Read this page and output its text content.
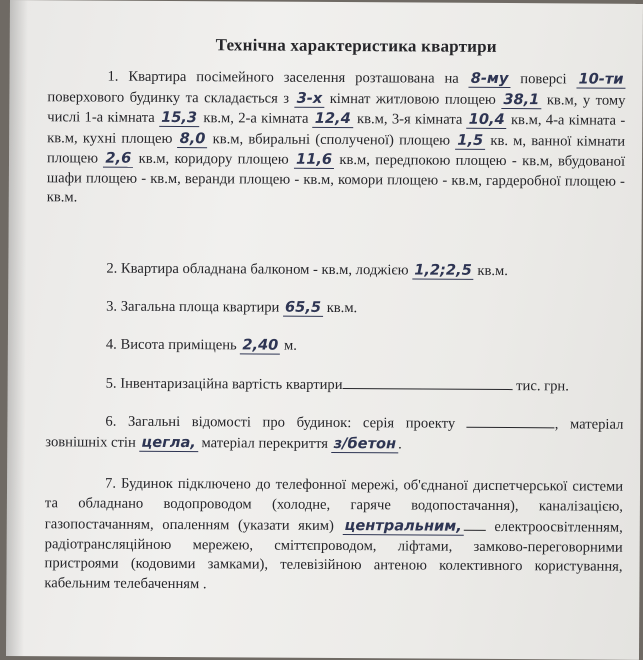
Технічна характеристика квартири
1. Квартира посімейного заселення розташована на 8-му поверсі 10-ти поверхового будинку та складається з 3-х кімнат житловою площею 38,1 кв.м, у тому числі 1-а кімната 15,3 кв.м, 2-а кімната 12,4 кв.м, 3-я кімната 10,4 кв.м, 4-а кімната - кв.м, кухні площею 8,0 кв.м, вбиральні (сполученої) площею 1,5 кв. м, ванної кімнати площею 2,6 кв.м, коридору площею 11,6 кв.м, передпокою площею - кв.м, вбудованої шафи площею - кв.м, веранди площею - кв.м, комори площею - кв.м, гардеробної площею - кв.м.
2. Квартира обладнана балконом - кв.м, лоджією 1,2;2,5 кв.м.
3. Загальна площа квартири 65,5 кв.м.
4. Висота приміщень 2,40 м.
5. Інвентаризаційна вартість квартири	тис. грн.
6. Загальні відомості про будинок: серія проекту	, матеріал зовнішніх стін цегла, матеріал перекриття з/бетон .
7. Будинок підключено до телефонної мережі, об'єднаної диспетчерської системи та обладнано водопроводом (холодне, гаряче водопостачання), каналізацією, газопостачанням, опаленням (указати яким) центральним, електроосвітленням, радіотрансляційною мережею, сміттєпроводом, ліфтами, замково-переговорними пристроями (кодовими замками), телевізійною антеною колективного користування, кабельним телебаченням .
